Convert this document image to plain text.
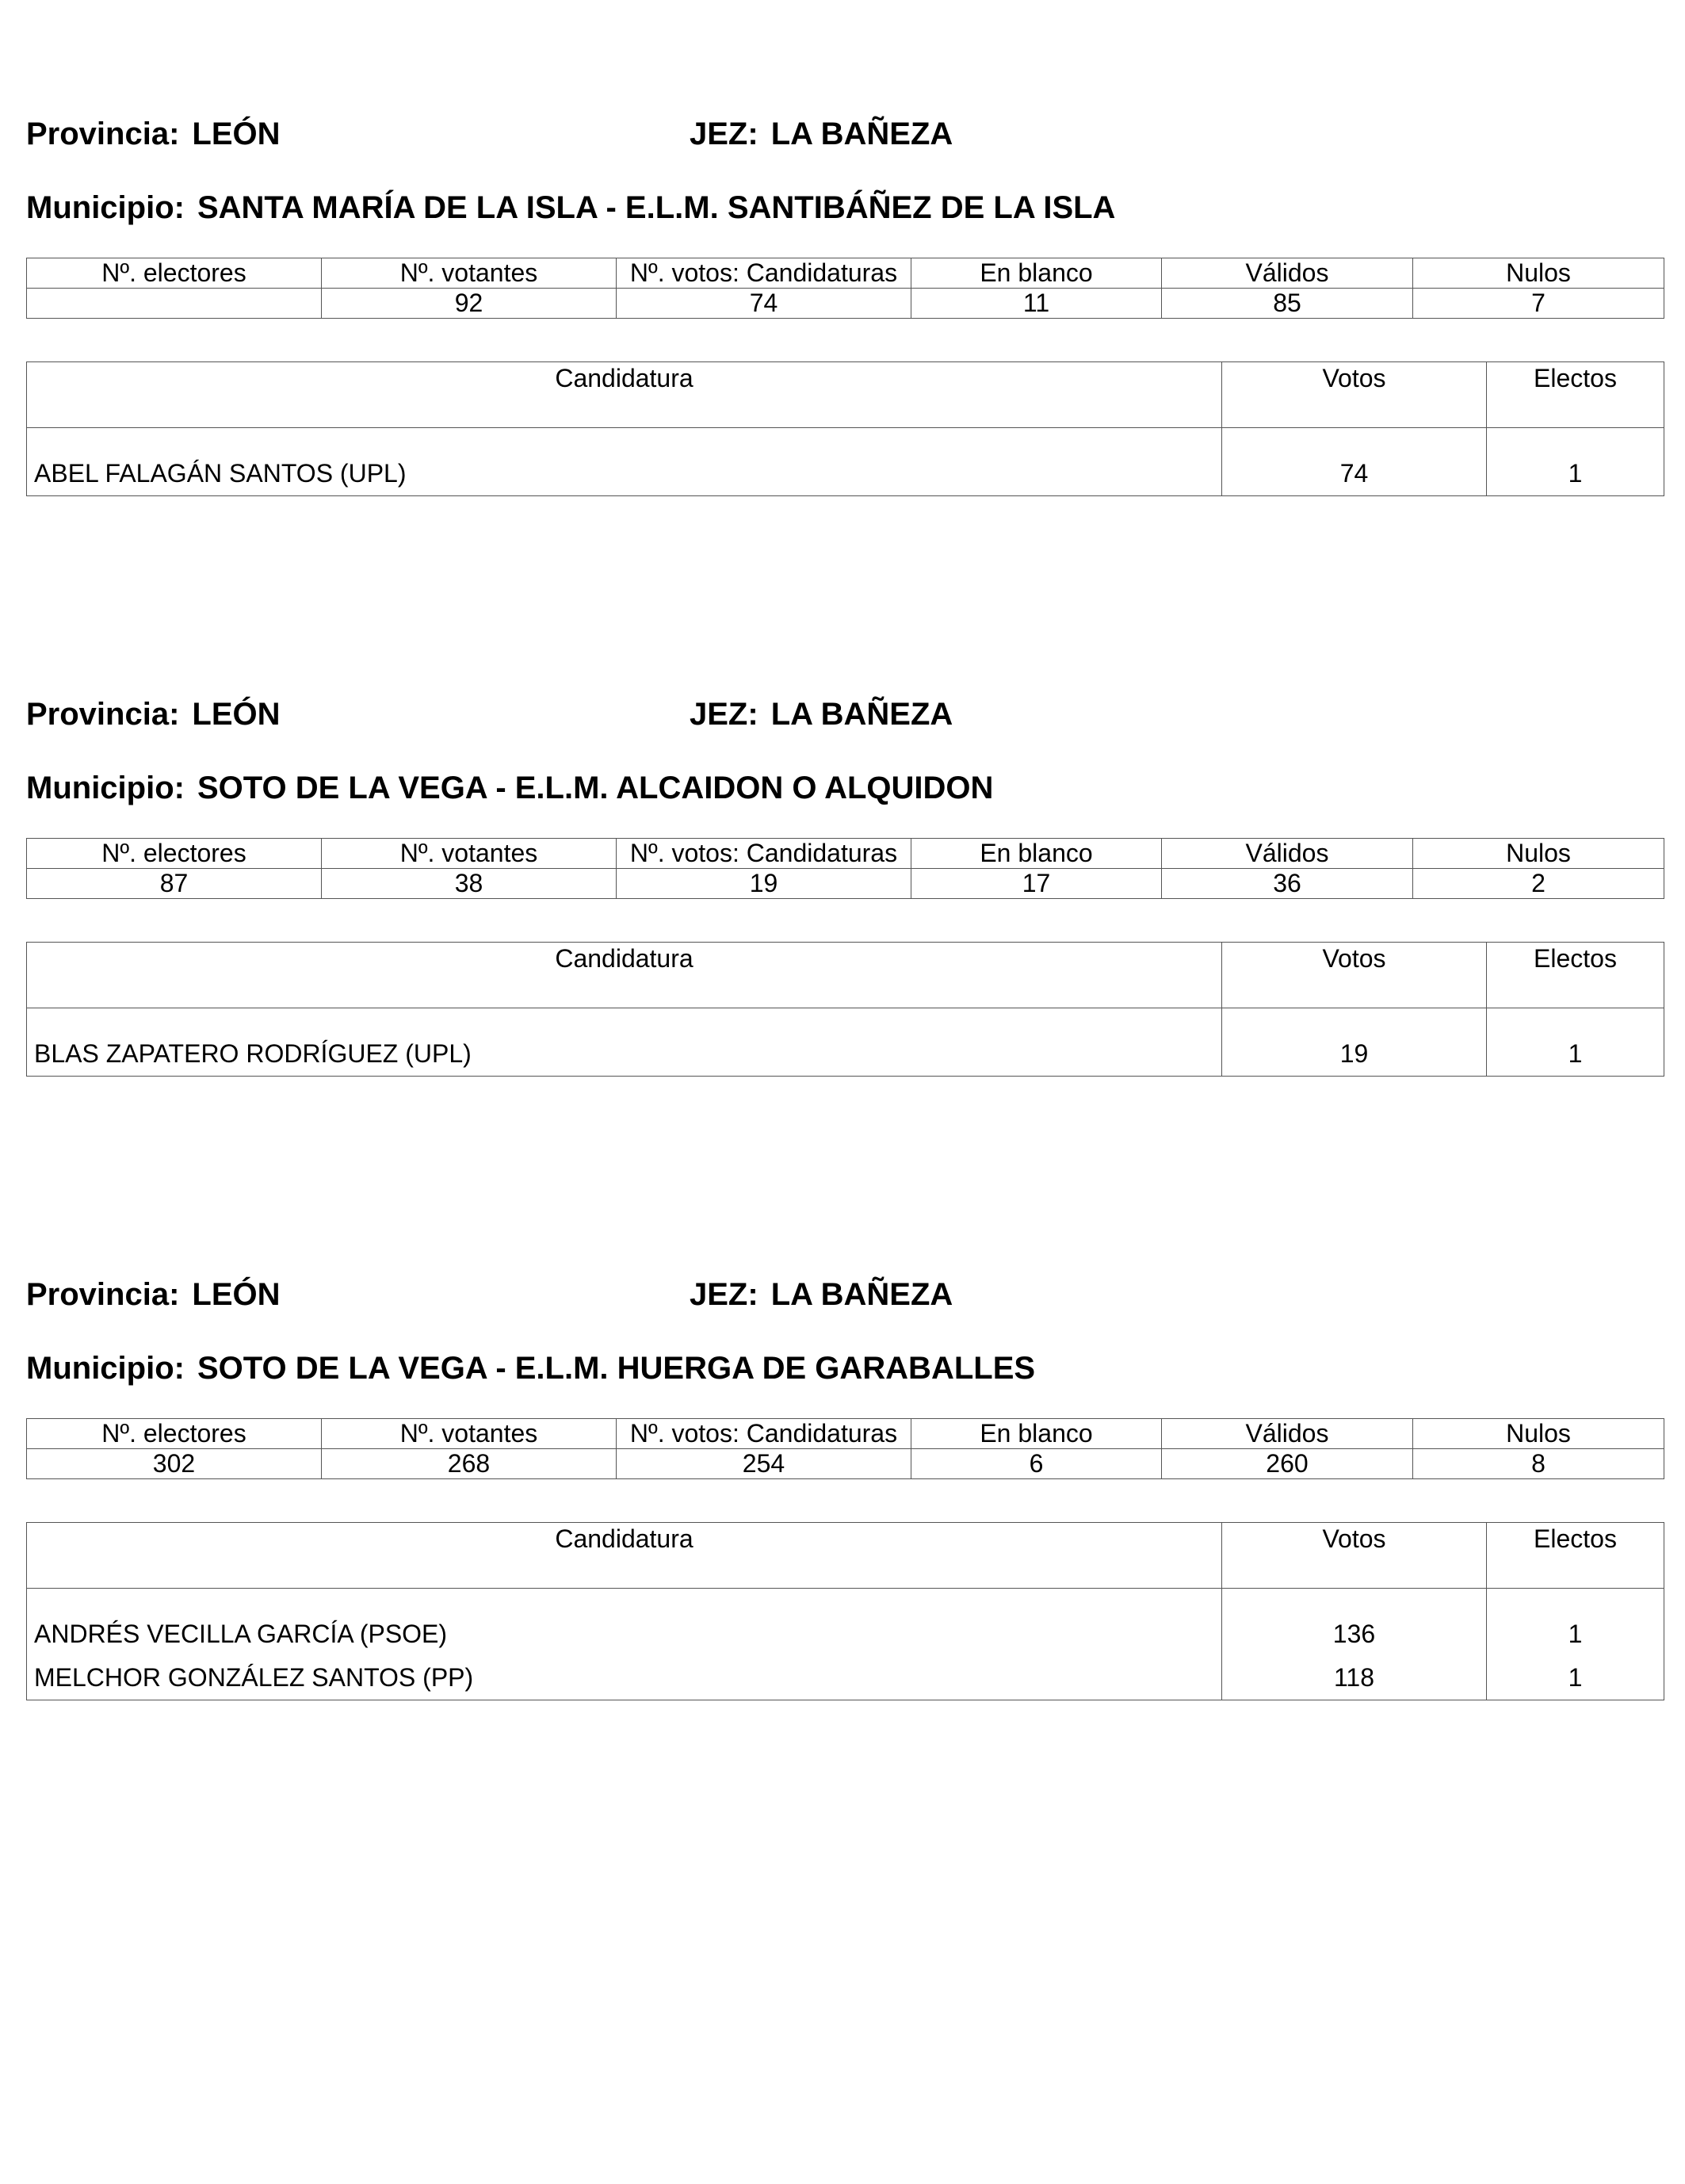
Provincia: LEÓN	JEZ: LA BAÑEZA
Municipio: SANTA MARÍA DE LA ISLA - E.L.M. SANTIBÁÑEZ DE LA ISLA
Nº. electores	Nº. votantes	Nº. votos: Candidaturas	En blanco	Válidos	Nulos
	92	74	11	85	7
Candidatura	Votos	Electos
ABEL FALAGÁN SANTOS (UPL)	74	1
Provincia: LEÓN	JEZ: LA BAÑEZA
Municipio: SOTO DE LA VEGA - E.L.M. ALCAIDON O ALQUIDON
Nº. electores	Nº. votantes	Nº. votos: Candidaturas	En blanco	Válidos	Nulos
87	38	19	17	36	2
Candidatura	Votos	Electos
BLAS ZAPATERO RODRÍGUEZ (UPL)	19	1
Provincia: LEÓN	JEZ: LA BAÑEZA
Municipio: SOTO DE LA VEGA - E.L.M. HUERGA DE GARABALLES
Nº. electores	Nº. votantes	Nº. votos: Candidaturas	En blanco	Válidos	Nulos
302	268	254	6	260	8
Candidatura	Votos	Electos
ANDRÉS VECILLA GARCÍA (PSOE)	136	1
MELCHOR GONZÁLEZ SANTOS (PP)	118	1
